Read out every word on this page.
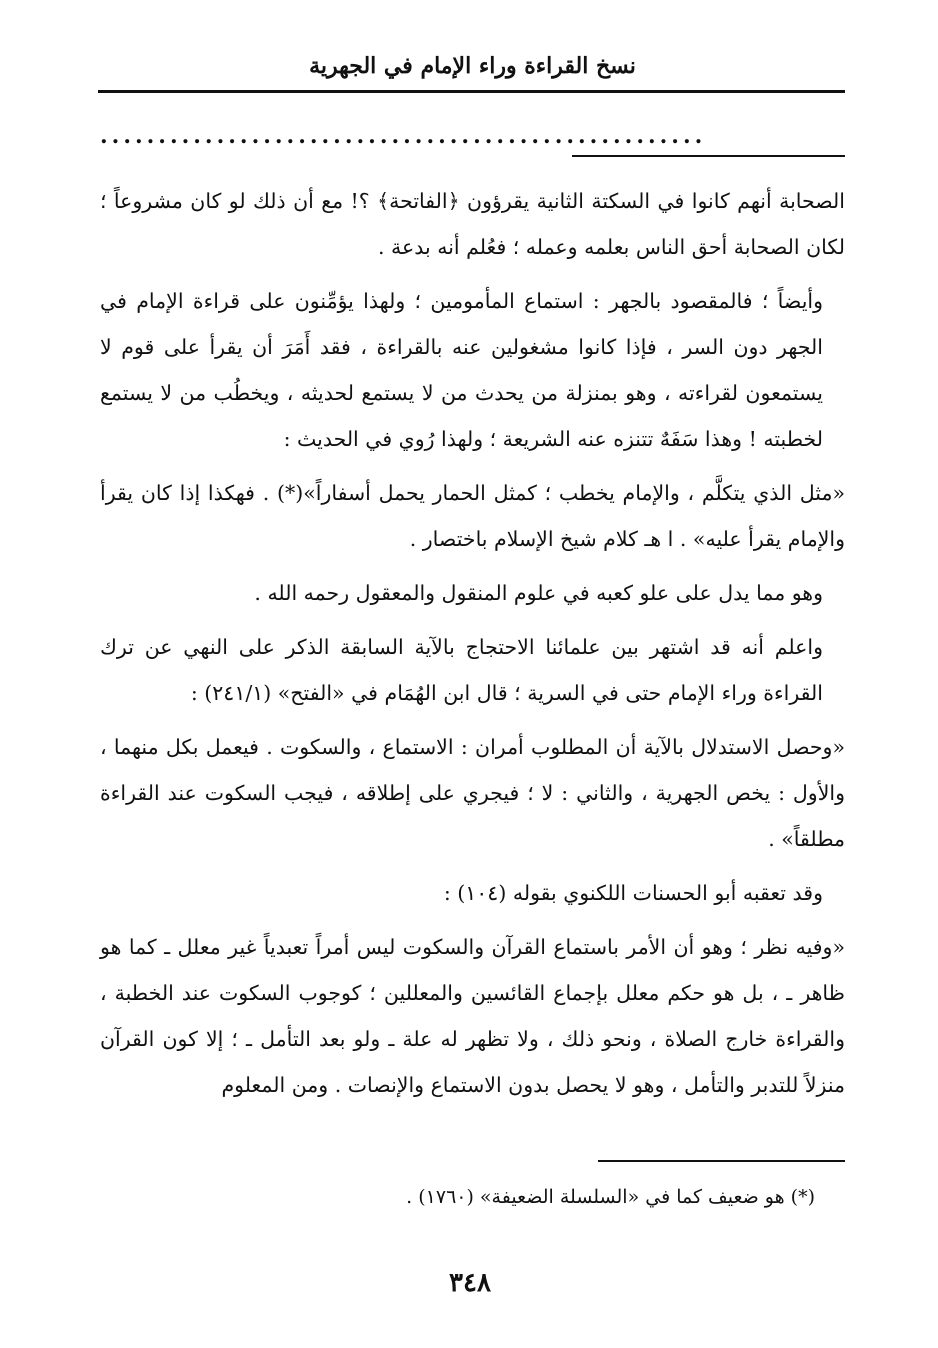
نسخ القراءة وراء الإمام في الجهرية
....................................................

الصحابة أنهم كانوا في السكتة الثانية يقرؤون ﴿الفاتحة﴾ ؟! مع أن ذلك لو كان مشروعاً ؛ لكان الصحابة أحق الناس بعلمه وعمله ؛ فعُلم أنه بدعة .

وأيضاً ؛ فالمقصود بالجهر : استماع المأمومين ؛ ولهذا يؤمِّنون على قراءة الإمام في الجهر دون السر ، فإذا كانوا مشغولين عنه بالقراءة ، فقد أَمَرَ أن يقرأ على قوم لا يستمعون لقراءته ، وهو بمنزلة من يحدث من لا يستمع لحديثه ، ويخطُب من لا يستمع لخطبته ! وهذا سَفَهٌ تتنزه عنه الشريعة ؛ ولهذا رُوي في الحديث :

«مثل الذي يتكلَّم ، والإمام يخطب ؛ كمثل الحمار يحمل أسفاراً»(*) . فهكذا إذا كان يقرأ والإمام يقرأ عليه» . ا هـ كلام شيخ الإسلام باختصار .

وهو مما يدل على علو كعبه في علوم المنقول والمعقول رحمه الله .

واعلم أنه قد اشتهر بين علمائنا الاحتجاج بالآية السابقة الذكر على النهي عن ترك القراءة وراء الإمام حتى في السرية ؛ قال ابن الهُمَام في «الفتح» (٢٤١/١) :

«وحصل الاستدلال بالآية أن المطلوب أمران : الاستماع ، والسكوت . فيعمل بكل منهما ، والأول : يخص الجهرية ، والثاني : لا ؛ فيجري على إطلاقه ، فيجب السكوت عند القراءة مطلقاً» .

وقد تعقبه أبو الحسنات اللكنوي بقوله (١٠٤) :

«وفيه نظر ؛ وهو أن الأمر باستماع القرآن والسكوت ليس أمراً تعبدياً غير معلل ـ كما هو ظاهر ـ ، بل هو حكم معلل بإجماع القائسين والمعللين ؛ كوجوب السكوت عند الخطبة ، والقراءة خارج الصلاة ، ونحو ذلك ، ولا تظهر له علة ـ ولو بعد التأمل ـ ؛ إلا كون القرآن منزلاً للتدبر والتأمل ، وهو لا يحصل بدون الاستماع والإنصات . ومن المعلوم

(*) هو ضعيف كما في «السلسلة الضعيفة» (١٧٦٠) .
٣٤٨
